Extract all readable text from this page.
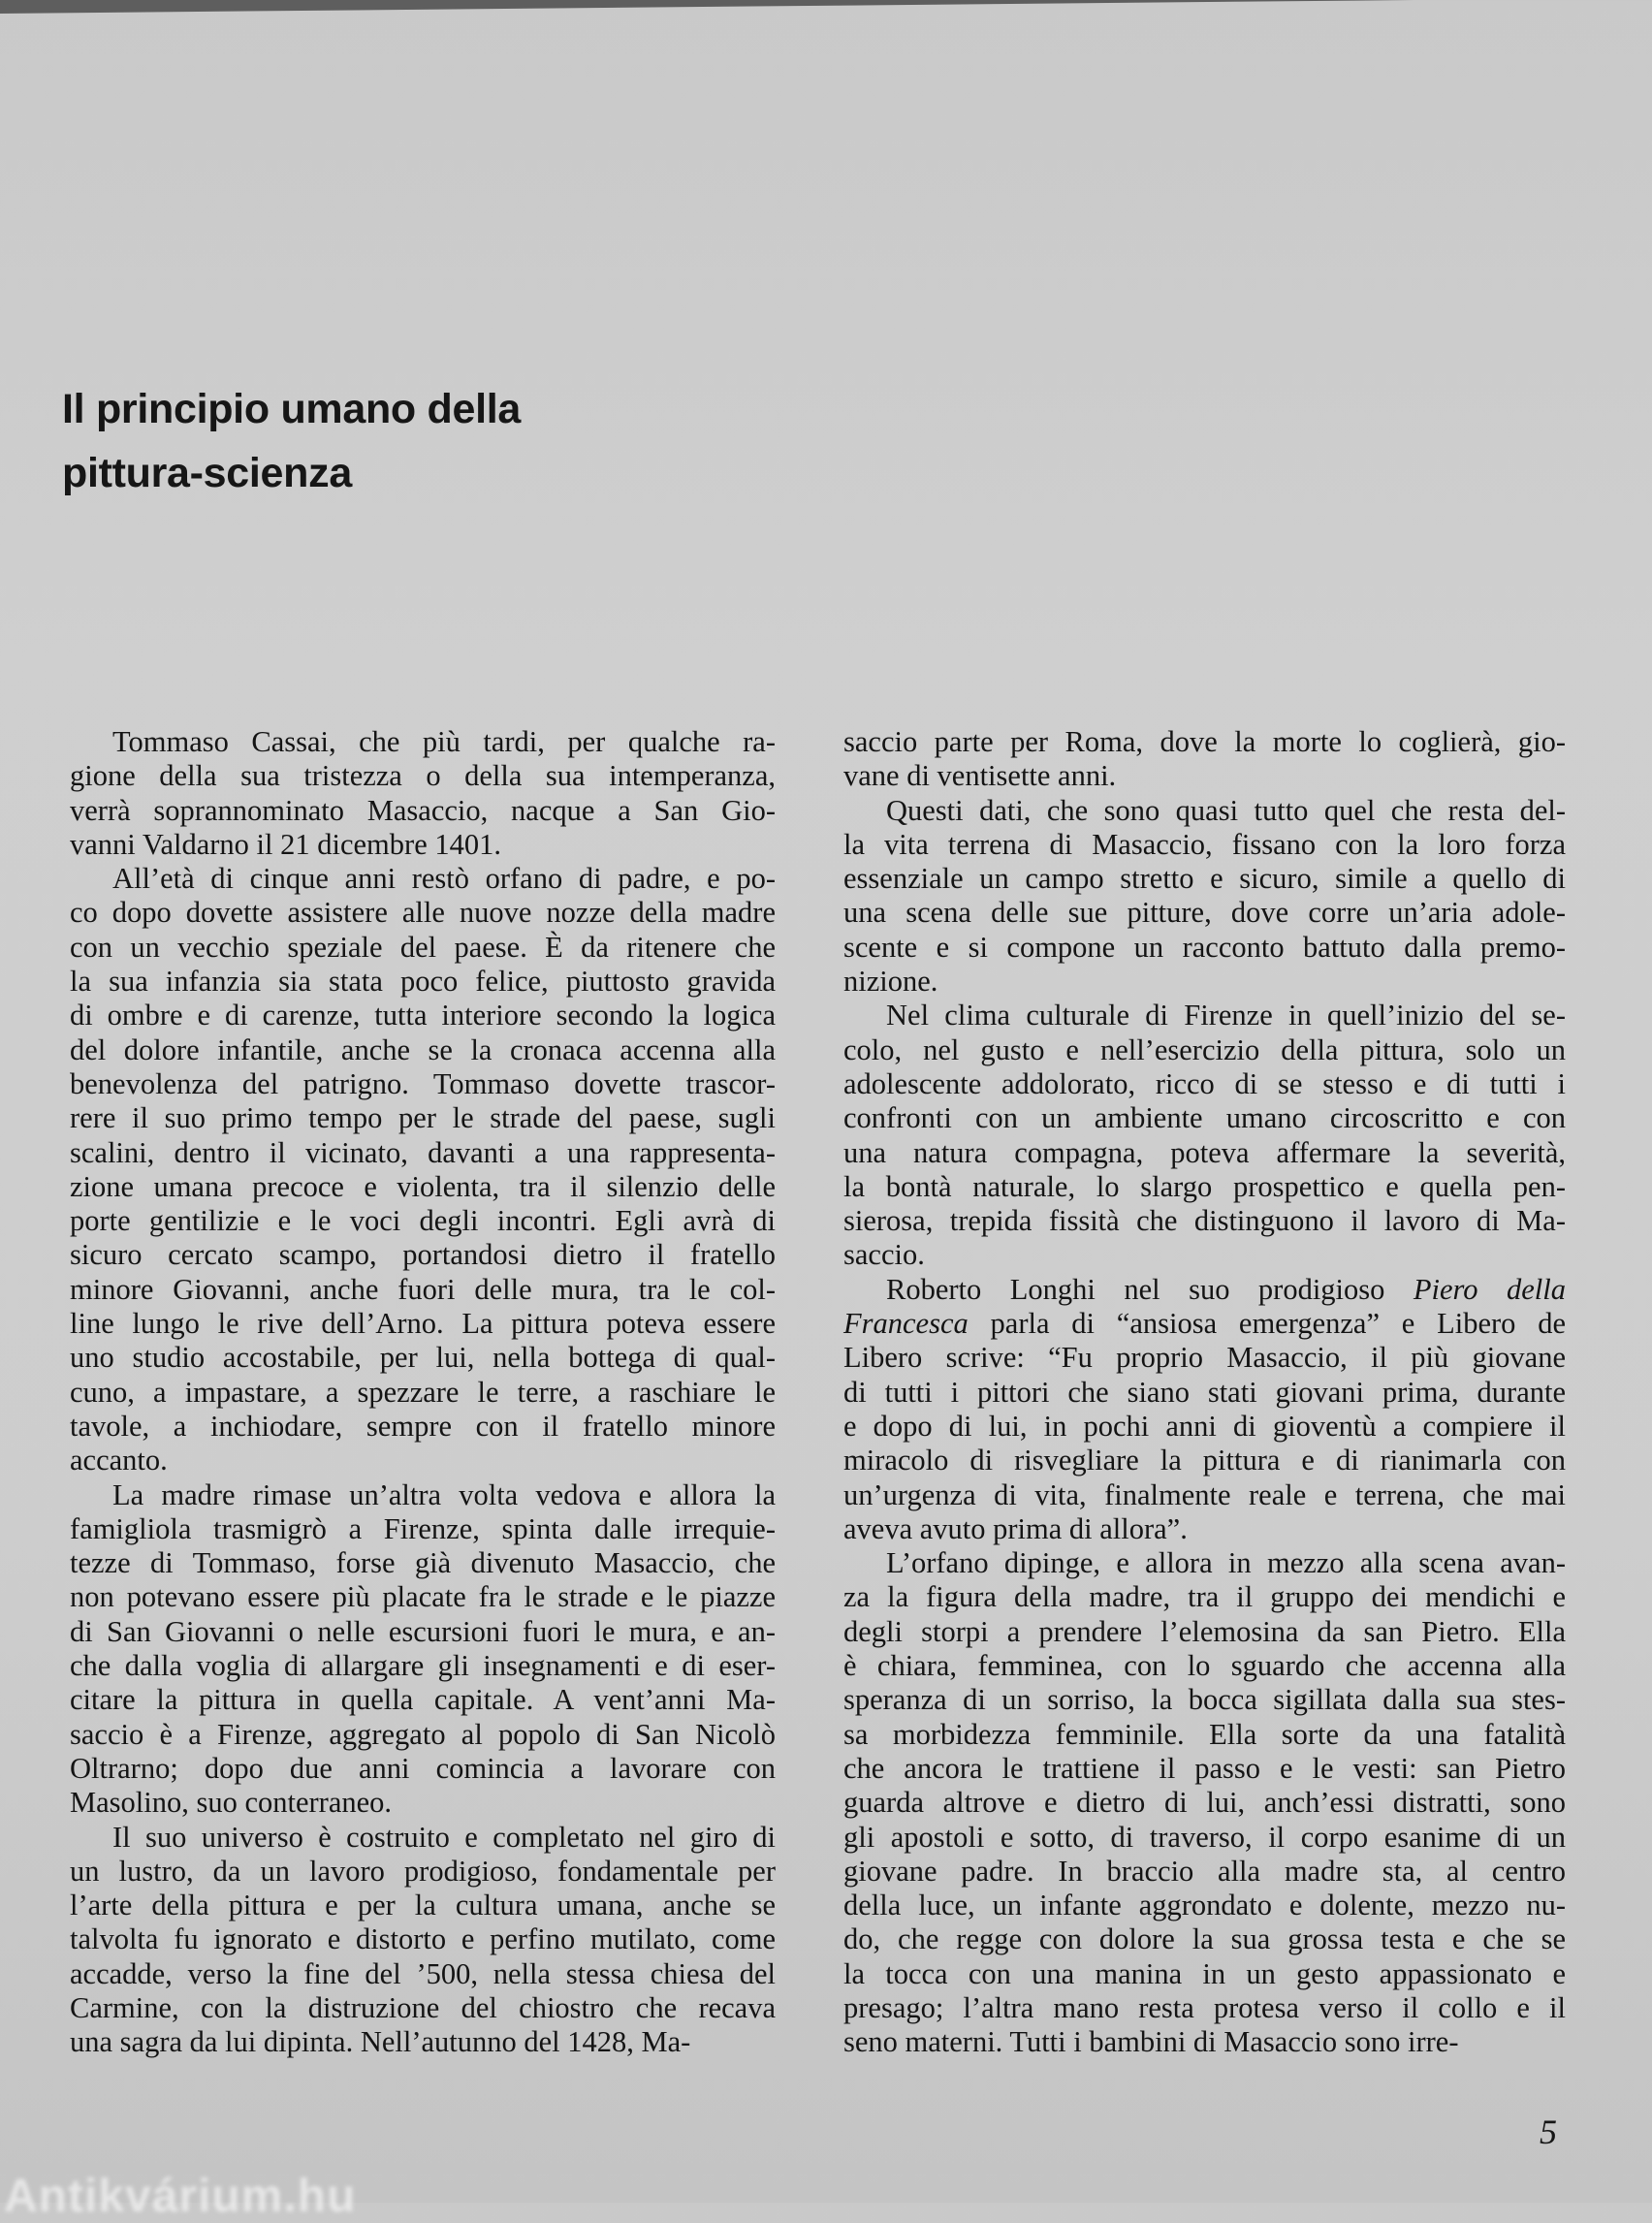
Il principio umano della
pittura-scienza

Tommaso Cassai, che più tardi, per qualche ra-
gione della sua tristezza o della sua intemperanza,
verrà soprannominato Masaccio, nacque a San Gio-
vanni Valdarno il 21 dicembre 1401.

All’età di cinque anni restò orfano di padre, e po-
co dopo dovette assistere alle nuove nozze della madre
con un vecchio speziale del paese. È da ritenere che
la sua infanzia sia stata poco felice, piuttosto gravida
di ombre e di carenze, tutta interiore secondo la logica
del dolore infantile, anche se la cronaca accenna alla
benevolenza del patrigno. Tommaso dovette trascor-
rere il suo primo tempo per le strade del paese, sugli
scalini, dentro il vicinato, davanti a una rappresenta-
zione umana precoce e violenta, tra il silenzio delle
porte gentilizie e le voci degli incontri. Egli avrà di
sicuro cercato scampo, portandosi dietro il fratello
minore Giovanni, anche fuori delle mura, tra le col-
line lungo le rive dell’Arno. La pittura poteva essere
uno studio accostabile, per lui, nella bottega di qual-
cuno, a impastare, a spezzare le terre, a raschiare le
tavole, a inchiodare, sempre con il fratello minore
accanto.

La madre rimase un’altra volta vedova e allora la
famigliola trasmigrò a Firenze, spinta dalle irrequie-
tezze di Tommaso, forse già divenuto Masaccio, che
non potevano essere più placate fra le strade e le piazze
di San Giovanni o nelle escursioni fuori le mura, e an-
che dalla voglia di allargare gli insegnamenti e di eser-
citare la pittura in quella capitale. A vent’anni Ma-
saccio è a Firenze, aggregato al popolo di San Nicolò
Oltrarno; dopo due anni comincia a lavorare con
Masolino, suo conterraneo.

Il suo universo è costruito e completato nel giro di
un lustro, da un lavoro prodigioso, fondamentale per
l’arte della pittura e per la cultura umana, anche se
talvolta fu ignorato e distorto e perfino mutilato, come
accadde, verso la fine del ’500, nella stessa chiesa del
Carmine, con la distruzione del chiostro che recava
una sagra da lui dipinta. Nell’autunno del 1428, Ma-

saccio parte per Roma, dove la morte lo coglierà, gio-
vane di ventisette anni.

Questi dati, che sono quasi tutto quel che resta del-
la vita terrena di Masaccio, fissano con la loro forza
essenziale un campo stretto e sicuro, simile a quello di
una scena delle sue pitture, dove corre un’aria adole-
scente e si compone un racconto battuto dalla premo-
nizione.

Nel clima culturale di Firenze in quell’inizio del se-
colo, nel gusto e nell’esercizio della pittura, solo un
adolescente addolorato, ricco di se stesso e di tutti i
confronti con un ambiente umano circoscritto e con
una natura compagna, poteva affermare la severità,
la bontà naturale, lo slargo prospettico e quella pen-
sierosa, trepida fissità che distinguono il lavoro di Ma-
saccio.

Roberto Longhi nel suo prodigioso Piero della
Francesca parla di “ansiosa emergenza” e Libero de
Libero scrive: “Fu proprio Masaccio, il più giovane
di tutti i pittori che siano stati giovani prima, durante
e dopo di lui, in pochi anni di gioventù a compiere il
miracolo di risvegliare la pittura e di rianimarla con
un’urgenza di vita, finalmente reale e terrena, che mai
aveva avuto prima di allora”.

L’orfano dipinge, e allora in mezzo alla scena avan-
za la figura della madre, tra il gruppo dei mendichi e
degli storpi a prendere l’elemosina da san Pietro. Ella
è chiara, femminea, con lo sguardo che accenna alla
speranza di un sorriso, la bocca sigillata dalla sua stes-
sa morbidezza femminile. Ella sorte da una fatalità
che ancora le trattiene il passo e le vesti: san Pietro
guarda altrove e dietro di lui, anch’essi distratti, sono
gli apostoli e sotto, di traverso, il corpo esanime di un
giovane padre. In braccio alla madre sta, al centro
della luce, un infante aggrondato e dolente, mezzo nu-
do, che regge con dolore la sua grossa testa e che se
la tocca con una manina in un gesto appassionato e
presago; l’altra mano resta protesa verso il collo e il
seno materni. Tutti i bambini di Masaccio sono irre-

5
Antikvárium.hu
